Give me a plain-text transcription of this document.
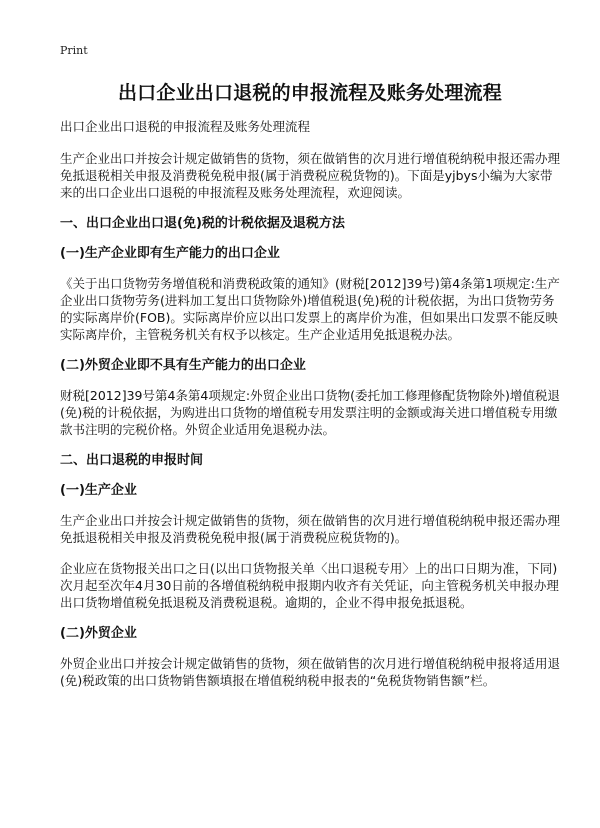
Print
出口企业出口退税的申报流程及账务处理流程

出口企业出口退税的申报流程及账务处理流程

生产企业出口并按会计规定做销售的货物，须在做销售的次月进行增值税纳税申报还需办理免抵退税相关申报及消费税免税申报(属于消费税应税货物的)。下面是yjbys小编为大家带来的出口企业出口退税的申报流程及账务处理流程，欢迎阅读。

一、出口企业出口退(免)税的计税依据及退税方法
(一)生产企业即有生产能力的出口企业

《关于出口货物劳务增值税和消费税政策的通知》(财税[2012]39号)第4条第1项规定:生产企业出口货物劳务(进料加工复出口货物除外)增值税退(免)税的计税依据，为出口货物劳务的实际离岸价(FOB)。实际离岸价应以出口发票上的离岸价为准，但如果出口发票不能反映实际离岸价，主管税务机关有权予以核定。生产企业适用免抵退税办法。

(二)外贸企业即不具有生产能力的出口企业

财税[2012]39号第4条第4项规定:外贸企业出口货物(委托加工修理修配货物除外)增值税退(免)税的计税依据，为购进出口货物的增值税专用发票注明的金额或海关进口增值税专用缴款书注明的完税价格。外贸企业适用免退税办法。

二、出口退税的申报时间
(一)生产企业

生产企业出口并按会计规定做销售的货物，须在做销售的次月进行增值税纳税申报还需办理免抵退税相关申报及消费税免税申报(属于消费税应税货物的)。

企业应在货物报关出口之日(以出口货物报关单〈出口退税专用〉上的出口日期为准，下同)次月起至次年4月30日前的各增值税纳税申报期内收齐有关凭证，向主管税务机关申报办理出口货物增值税免抵退税及消费税退税。逾期的，企业不得申报免抵退税。

(二)外贸企业

外贸企业出口并按会计规定做销售的货物，须在做销售的次月进行增值税纳税申报将适用退(免)税政策的出口货物销售额填报在增值税纳税申报表的“免税货物销售额”栏。
